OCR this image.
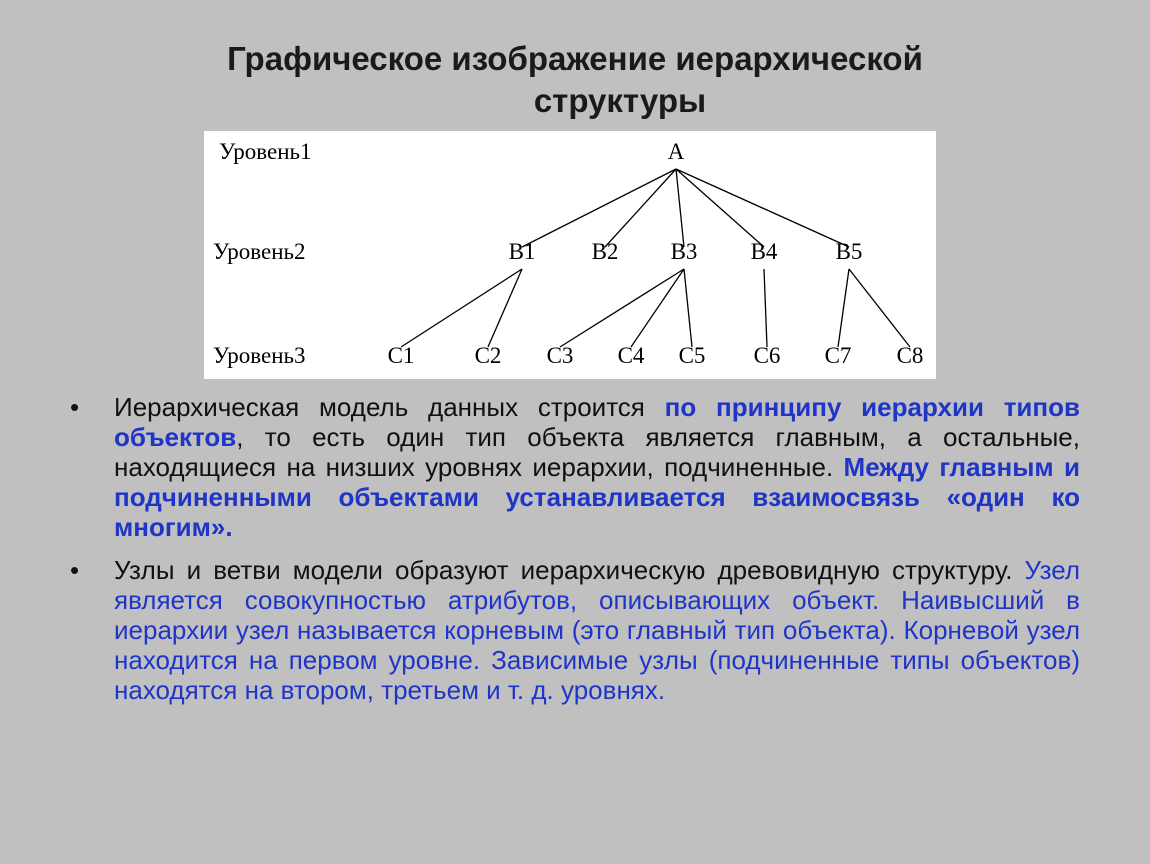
Графическое изображение иерархической
структуры
Уровень1
Уровень2
Уровень3
A
B1 B2 B3 B4	B5
C1	C2 C3 C4 C5 C6 C7 C8
• Иерархическая модель данных строится по принципу иерархии типов объектов, то есть один тип объекта является главным, а остальные, находящиеся на низших уровнях иерархии, подчиненные. Между главным и подчиненными объектами устанавливается взаимосвязь «один ко многим».
• Узлы и ветви модели образуют иерархическую древовидную структуру. Узел является совокупностью атрибутов, описывающих объект. Наивысший в иерархии узел называется корневым (это главный тип объекта). Корневой узел находится на первом уровне. Зависимые узлы (подчиненные типы объектов) находятся на втором, третьем и т. д. уровнях.
